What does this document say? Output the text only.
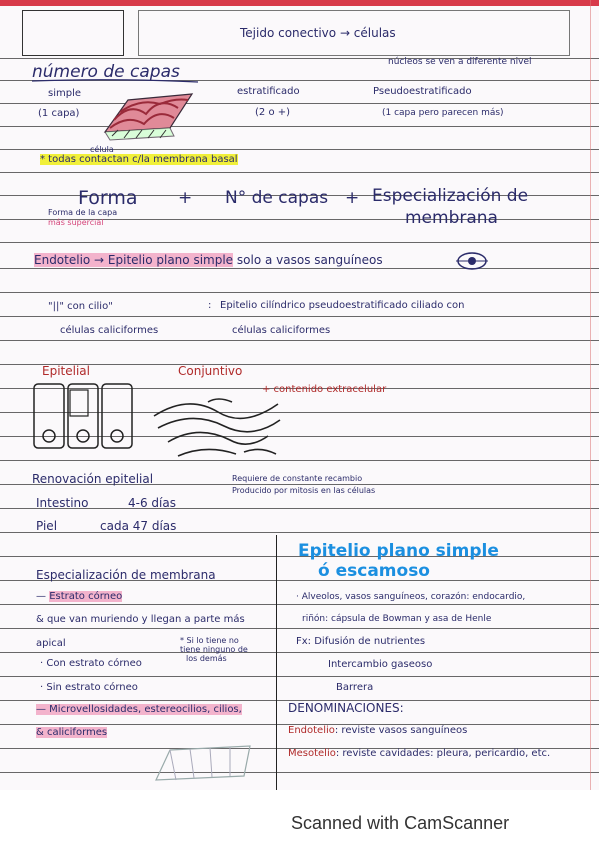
Tejido conectivo → células
número de capas	núcleos se ven a diferente nivel
simple
(1 capa)
estratificado
(2 o +)
Pseudoestratificado
(1 capa pero parecen más)
célula
* todas contactan c/la membrana basal
Forma + N° de capas + Especialización de
membrana
Forma de la capa
más supercial
Endotelio → Epitelio plano simple solo a vasos sanguíneos
"||" con cilio"	: Epitelio cilíndrico pseudoestratificado ciliado con
células caliciformes	células caliciformes
Epitelial	Conjuntivo
+ contenido extracelular
Renovación epitelial	Requiere de constante recambio
Producido por mitosis en las células
Intestino	4-6 días
Piel	cada 47 días
Especialización de membrana
— Estrato córneo
& que van muriendo y llegan a parte más
apical	* Si lo tiene no
tiene ninguno de
los demás
· Con estrato córneo
· Sin estrato córneo
— Microvellosidades, estereocilios, cilios,
& caliciformes
Epitelio plano simple
ó escamoso
· Alveolos, vasos sanguíneos, corazón: endocardio,
riñón: cápsula de Bowman y asa de Henle
Fx: Difusión de nutrientes
Intercambio gaseoso
Barrera
DENOMINACIONES:
Endotelio: reviste vasos sanguíneos
Mesotelio: reviste cavidades: pleura, pericardio, etc.
Scanned with CamScanner
